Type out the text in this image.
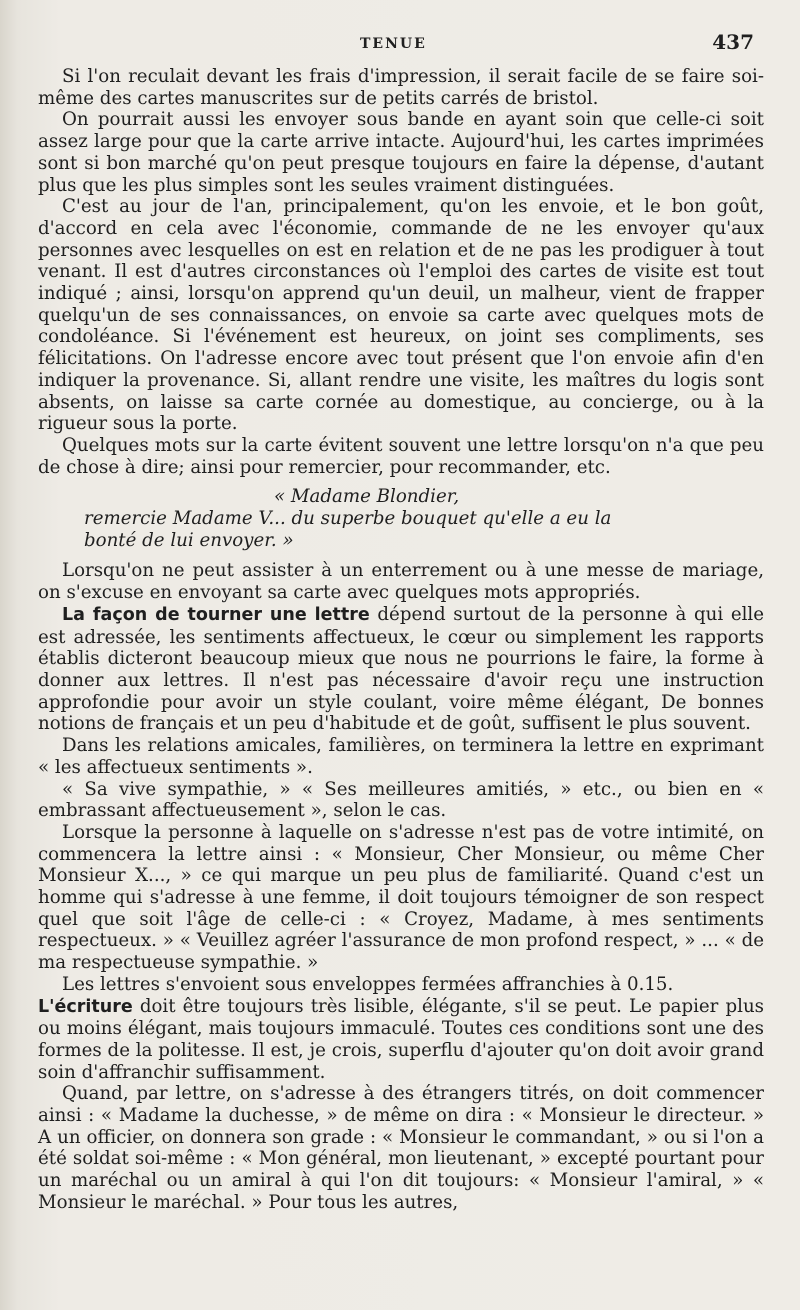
TENUE	437

Si l'on reculait devant les frais d'impression, il serait facile de se faire soi-même des cartes manuscrites sur de petits carrés de bristol.

On pourrait aussi les envoyer sous bande en ayant soin que celle-ci soit assez large pour que la carte arrive intacte. Aujourd'hui, les cartes imprimées sont si bon marché qu'on peut presque toujours en faire la dépense, d'autant plus que les plus simples sont les seules vraiment distinguées.

C'est au jour de l'an, principalement, qu'on les envoie, et le bon goût, d'accord en cela avec l'économie, commande de ne les envoyer qu'aux personnes avec lesquelles on est en relation et de ne pas les prodiguer à tout venant. Il est d'autres circonstances où l'emploi des cartes de visite est tout indiqué ; ainsi, lorsqu'on apprend qu'un deuil, un malheur, vient de frapper quelqu'un de ses connaissances, on envoie sa carte avec quelques mots de condoléance. Si l'événement est heureux, on joint ses compliments, ses félicitations. On l'adresse encore avec tout présent que l'on envoie afin d'en indiquer la provenance. Si, allant rendre une visite, les maîtres du logis sont absents, on laisse sa carte cornée au domestique, au concierge, ou à la rigueur sous la porte.

Quelques mots sur la carte évitent souvent une lettre lorsqu'on n'a que peu de chose à dire; ainsi pour remercier, pour recommander, etc.

« Madame Blondier,
remercie Madame V... du superbe bouquet qu'elle a eu la
bonté de lui envoyer. »

Lorsqu'on ne peut assister à un enterrement ou à une messe de mariage, on s'excuse en envoyant sa carte avec quelques mots appropriés.

La façon de tourner une lettre dépend surtout de la personne à qui elle est adressée, les sentiments affectueux, le cœur ou simplement les rapports établis dicteront beaucoup mieux que nous ne pourrions le faire, la forme à donner aux lettres. Il n'est pas nécessaire d'avoir reçu une instruction approfondie pour avoir un style coulant, voire même élégant, De bonnes notions de français et un peu d'habitude et de goût, suffisent le plus souvent.

Dans les relations amicales, familières, on terminera la lettre en exprimant « les affectueux sentiments ».

« Sa vive sympathie, » « Ses meilleures amitiés, » etc., ou bien en « embrassant affectueusement », selon le cas.

Lorsque la personne à laquelle on s'adresse n'est pas de votre intimité, on commencera la lettre ainsi : « Monsieur, Cher Monsieur, ou même Cher Monsieur X..., » ce qui marque un peu plus de familiarité. Quand c'est un homme qui s'adresse à une femme, il doit toujours témoigner de son respect quel que soit l'âge de celle-ci : « Croyez, Madame, à mes sentiments respectueux. » « Veuillez agréer l'assurance de mon profond respect, » ... « de ma respectueuse sympathie. »

Les lettres s'envoient sous enveloppes fermées affranchies à 0.15.

L'écriture doit être toujours très lisible, élégante, s'il se peut. Le papier plus ou moins élégant, mais toujours immaculé. Toutes ces conditions sont une des formes de la politesse. Il est, je crois, superflu d'ajouter qu'on doit avoir grand soin d'affranchir suffisamment.

Quand, par lettre, on s'adresse à des étrangers titrés, on doit commencer ainsi : « Madame la duchesse, » de même on dira : « Monsieur le directeur. » A un officier, on donnera son grade : « Monsieur le commandant, » ou si l'on a été soldat soi-même : « Mon général, mon lieutenant, » excepté pourtant pour un maréchal ou un amiral à qui l'on dit toujours: « Monsieur l'amiral, » « Monsieur le maréchal. » Pour tous les autres,
